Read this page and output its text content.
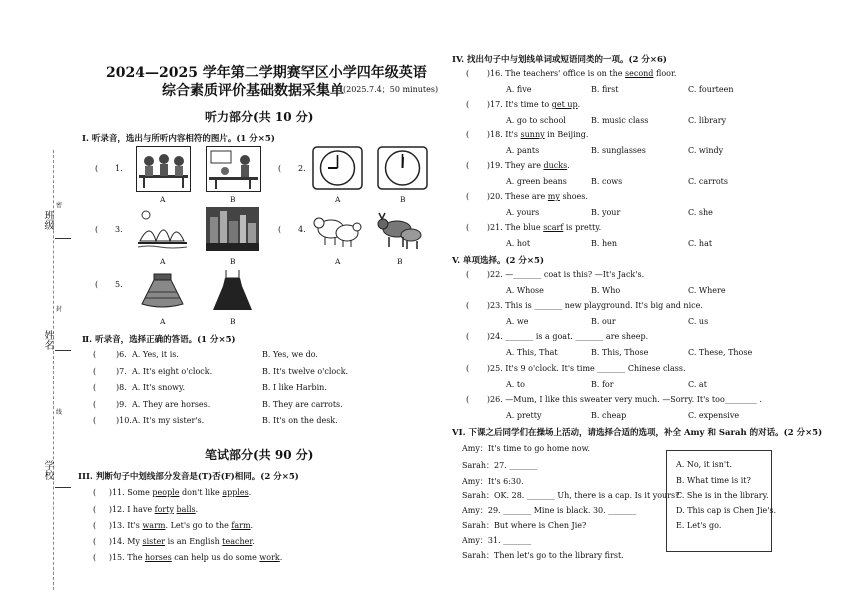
班级
姓名
学校
密
封
线
2024—2025 学年第二学期赛罕区小学四年级英语
综合素质评价基础数据采集单 (2025.7.4；50 minutes)
听力部分(共 10 分)
Ⅰ. 听录音，选出与所听内容相符的图片。(1 分×5)
( 1.
A	B
( 2.
A	B
( 3.
A	B
( 4.
A	B
( 5.
A	B
Ⅱ. 听录音，选择正确的答语。(1 分×5)
( )6. A. Yes, it is.	B. Yes, we do.
( )7. A. It's eight o'clock.	B. It's twelve o'clock.
( )8. A. It's snowy.	B. I like Harbin.
( )9. A. They are horses.	B. They are carrots.
( )10. A. It's my sister's.	B. It's on the desk.
笔试部分(共 90 分)
III. 判断句子中划线部分发音是(T)否(F)相同。(2 分×5)
(     )11. Some people don't like apples.
(     )12. I have forty balls.
(     )13. It's warm. Let's go to the farm.
(     )14. My sister is an English teacher.
(     )15. The horses can help us do some work.
IV. 找出句子中与划线单词或短语同类的一项。(2 分×6)
(       )16. The teachers' office is on the second floor.
A. five	B. first	C. fourteen
(       )17. It's time to get up.
A. go to school	B. music class	C. library
(       )18. It's sunny in Beijing.
A. pants	B. sunglasses	C. windy
(       )19. They are ducks.
A. green beans	B. cows	C. carrots
(       )20. These are my shoes.
A. yours	B. your	C. she
(       )21. The blue scarf is pretty.
A. hot	B. hen	C. hat
V. 单项选择。(2 分×5)
(       )22. —_______ coat is this? —It's Jack's.
A. Whose	B. Who	C. Where
(       )23. This is _______ new playground. It's big and nice.
A. we	B. our	C. us
(       )24. _______ is a goat. _______ are sheep.
A. This, That	B. This, Those	C. These, Those
(       )25. It's 9 o'clock. It's time _______ Chinese class.
A. to	B. for	C. at
(       )26. —Mum, I like this sweater very much. —Sorry. It's too________ .
A. pretty	B. cheap	C. expensive
VI. 下课之后同学们在操场上活动，请选择合适的选项，补全 Amy 和 Sarah 的对话。(2 分×5)
Amy：It's time to go home now.
Sarah：27. _______
Amy：It's 6:30.
Sarah：OK. 28. _______ Uh, there is a cap. Is it yours?
Amy：29. _______ Mine is black. 30. _______
Sarah：But where is Chen Jie?
Amy：31. _______
Sarah：Then let's go to the library first.
A. No, it isn't.
B. What time is it?
C. She is in the library.
D. This cap is Chen Jie's.
E. Let's go.
